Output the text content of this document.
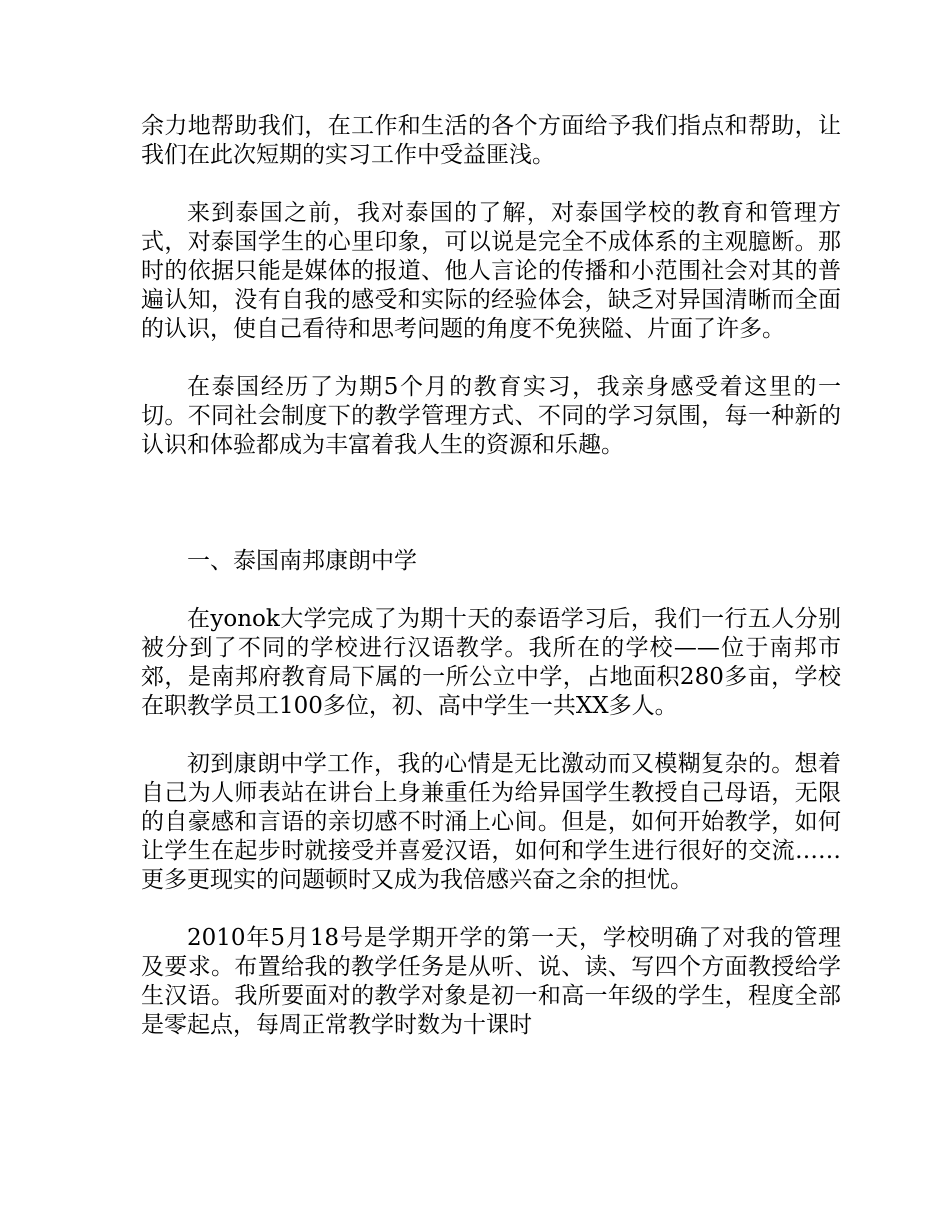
余力地帮助我们，在工作和生活的各个方面给予我们指点和帮助，让我们在此次短期的实习工作中受益匪浅。

来到泰国之前，我对泰国的了解，对泰国学校的教育和管理方式，对泰国学生的心里印象，可以说是完全不成体系的主观臆断。那时的依据只能是媒体的报道、他人言论的传播和小范围社会对其的普遍认知，没有自我的感受和实际的经验体会，缺乏对异国清晰而全面的认识，使自己看待和思考问题的角度不免狭隘、片面了许多。

在泰国经历了为期5个月的教育实习，我亲身感受着这里的一切。不同社会制度下的教学管理方式、不同的学习氛围，每一种新的认识和体验都成为丰富着我人生的资源和乐趣。

一、泰国南邦康朗中学

在yonok大学完成了为期十天的泰语学习后，我们一行五人分别被分到了不同的学校进行汉语教学。我所在的学校——位于南邦市郊，是南邦府教育局下属的一所公立中学，占地面积280多亩，学校在职教学员工100多位，初、高中学生一共XX多人。

初到康朗中学工作，我的心情是无比激动而又模糊复杂的。想着自己为人师表站在讲台上身兼重任为给异国学生教授自己母语，无限的自豪感和言语的亲切感不时涌上心间。但是，如何开始教学，如何让学生在起步时就接受并喜爱汉语，如何和学生进行很好的交流……更多更现实的问题顿时又成为我倍感兴奋之余的担忧。

2010年5月18号是学期开学的第一天，学校明确了对我的管理及要求。布置给我的教学任务是从听、说、读、写四个方面教授给学生汉语。我所要面对的教学对象是初一和高一年级的学生，程度全部是零起点，每周正常教学时数为十课时
